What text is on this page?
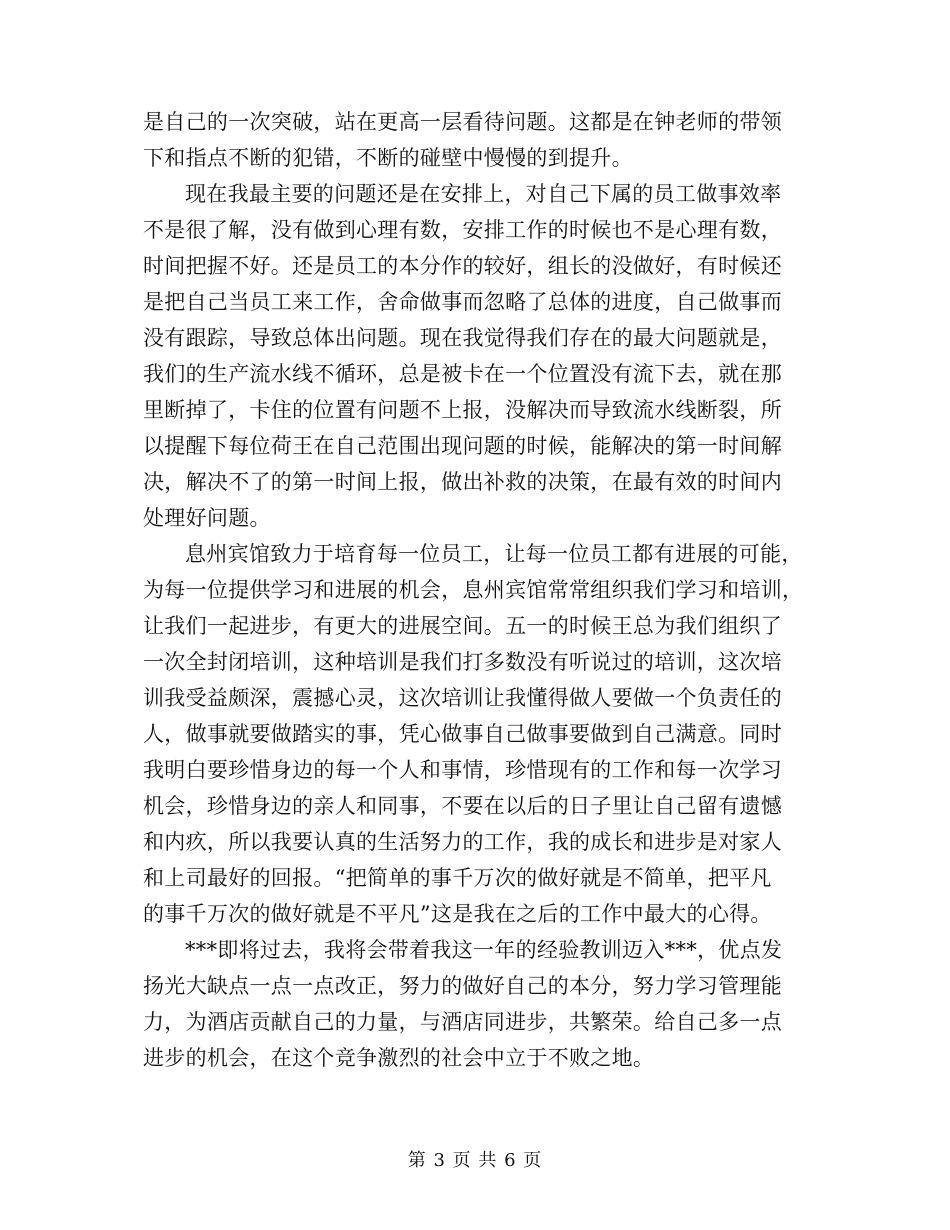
是自己的一次突破，站在更高一层看待问题。这都是在钟老师的带领
下和指点不断的犯错，不断的碰壁中慢慢的到提升。
现在我最主要的问题还是在安排上，对自己下属的员工做事效率
不是很了解，没有做到心理有数，安排工作的时候也不是心理有数，
时间把握不好。还是员工的本分作的较好，组长的没做好，有时候还
是把自己当员工来工作，舍命做事而忽略了总体的进度，自己做事而
没有跟踪，导致总体出问题。现在我觉得我们存在的最大问题就是，
我们的生产流水线不循环，总是被卡在一个位置没有流下去，就在那
里断掉了，卡住的位置有问题不上报，没解决而导致流水线断裂，所
以提醒下每位荷王在自己范围出现问题的时候，能解决的第一时间解
决，解决不了的第一时间上报，做出补救的决策，在最有效的时间内
处理好问题。
息州宾馆致力于培育每一位员工，让每一位员工都有进展的可能，
为每一位提供学习和进展的机会，息州宾馆常常组织我们学习和培训，
让我们一起进步，有更大的进展空间。五一的时候王总为我们组织了
一次全封闭培训，这种培训是我们打多数没有听说过的培训，这次培
训我受益颇深，震撼心灵，这次培训让我懂得做人要做一个负责任的
人，做事就要做踏实的事，凭心做事自己做事要做到自己满意。同时
我明白要珍惜身边的每一个人和事情，珍惜现有的工作和每一次学习
机会，珍惜身边的亲人和同事，不要在以后的日子里让自己留有遗憾
和内疚，所以我要认真的生活努力的工作，我的成长和进步是对家人
和上司最好的回报。“把简单的事千万次的做好就是不简单，把平凡
的事千万次的做好就是不平凡”这是我在之后的工作中最大的心得。
***即将过去，我将会带着我这一年的经验教训迈入***，优点发
扬光大缺点一点一点改正，努力的做好自己的本分，努力学习管理能
力，为酒店贡献自己的力量，与酒店同进步，共繁荣。给自己多一点
进步的机会，在这个竞争激烈的社会中立于不败之地。
第 3 页 共 6 页
